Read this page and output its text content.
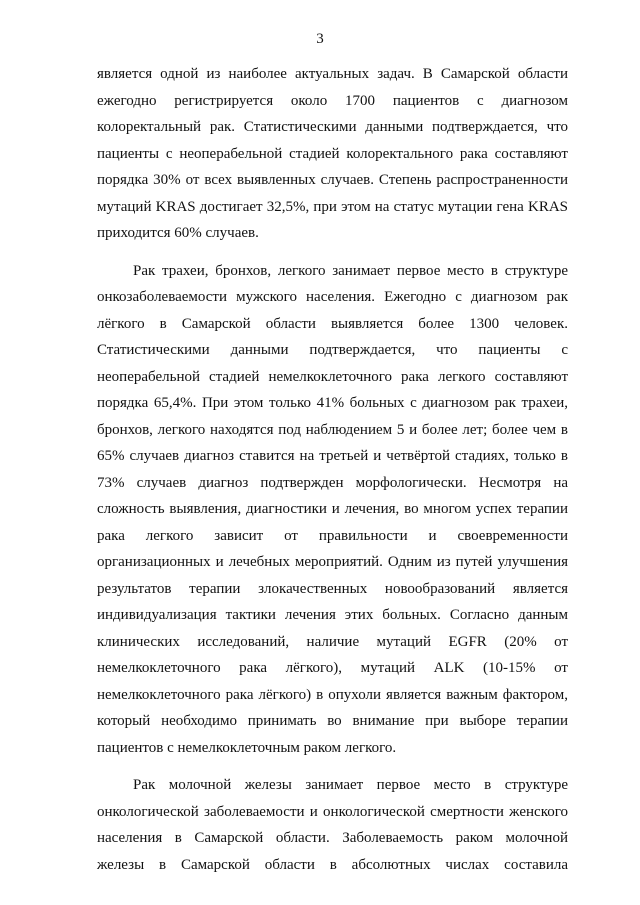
3
является одной из наиболее актуальных задач. В Самарской области
ежегодно регистрируется около 1700 пациентов с диагнозом
колоректальный рак. Статистическими данными подтверждается, что
пациенты с неоперабельной стадией колоректального рака составляют
порядка 30% от всех выявленных случаев. Степень распространенности
мутаций KRAS достигает 32,5%, при этом на статус мутации гена KRAS
приходится 60% случаев.
Рак трахеи, бронхов, легкого занимает первое место в структуре
онкозаболеваемости мужского населения. Ежегодно с диагнозом рак
лёгкого в Самарской области выявляется более 1300 человек.
Статистическими данными подтверждается, что пациенты с
неоперабельной стадией немелкоклеточного рака легкого составляют
порядка 65,4%. При этом только 41% больных с диагнозом рак трахеи,
бронхов, легкого находятся под наблюдением 5 и более лет; более чем в
65% случаев диагноз ставится на третьей и четвёртой стадиях, только в
73% случаев диагноз подтвержден морфологически. Несмотря на
сложность выявления, диагностики и лечения, во многом успех терапии
рака легкого зависит от правильности и своевременности
организационных и лечебных мероприятий. Одним из путей улучшения
результатов терапии злокачественных новообразований является
индивидуализация тактики лечения этих больных. Согласно данным
клинических исследований, наличие мутаций EGFR (20% от
немелкоклеточного рака лёгкого), мутаций ALK (10-15% от
немелкоклеточного рака лёгкого) в опухоли является важным фактором,
который необходимо принимать во внимание при выборе терапии
пациентов с немелкоклеточным раком легкого.
Рак молочной железы занимает первое место в структуре
онкологической заболеваемости и онкологической смертности женского
населения в Самарской области. Заболеваемость раком молочной
железы в Самарской области в абсолютных числах составила
